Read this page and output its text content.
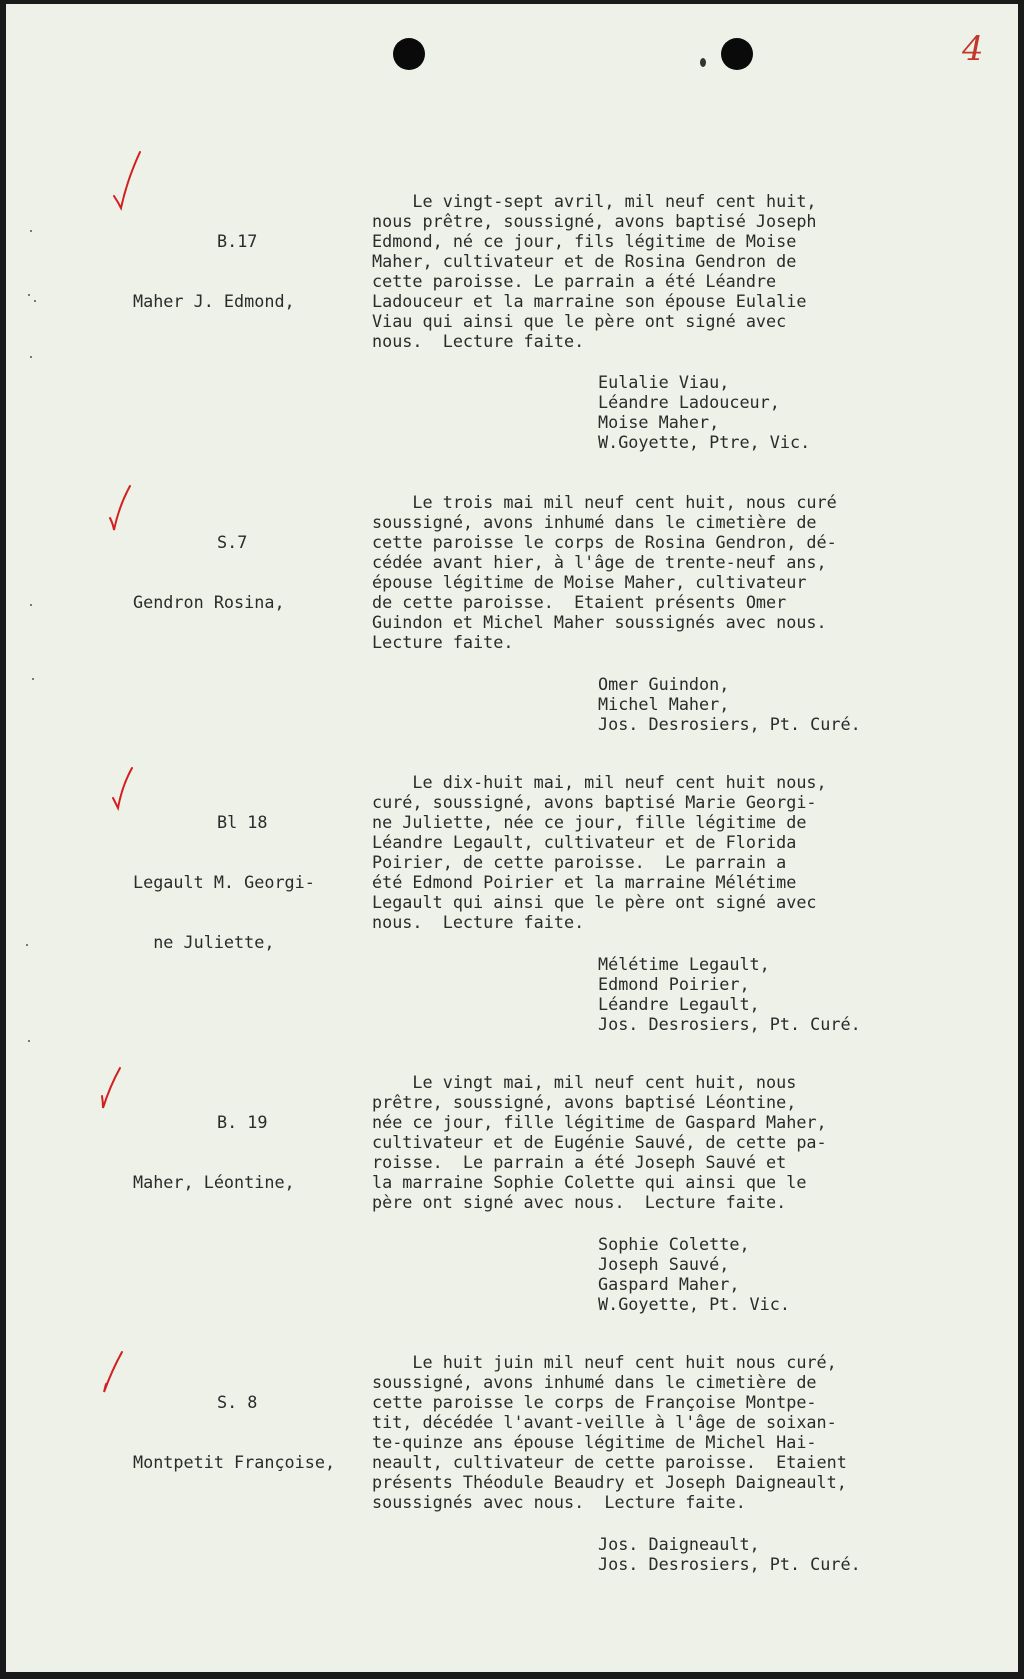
4

B.17

Maher J. Edmond,

Le vingt-sept avril, mil neuf cent huit,
nous prêtre, soussigné, avons baptisé Joseph
Edmond, né ce jour, fils légitime de Moise
Maher, cultivateur et de Rosina Gendron de
cette paroisse. Le parrain a été Léandre
Ladouceur et la marraine son épouse Eulalie
Viau qui ainsi que le père ont signé avec
nous.  Lecture faite.
Eulalie Viau,
Léandre Ladouceur,
Moise Maher,
W.Goyette, Ptre, Vic.

S.7

Gendron Rosina,

Le trois mai mil neuf cent huit, nous curé
soussigné, avons inhumé dans le cimetière de
cette paroisse le corps de Rosina Gendron, dé-
cédée avant hier, à l'âge de trente-neuf ans,
épouse légitime de Moise Maher, cultivateur
de cette paroisse.  Etaient présents Omer
Guindon et Michel Maher soussignés avec nous.
Lecture faite.
Omer Guindon,
Michel Maher,
Jos. Desrosiers, Pt. Curé.

Bl 18

Legault M. Georgi-

ne Juliette,

Le dix-huit mai, mil neuf cent huit nous,
curé, soussigné, avons baptisé Marie Georgi-
ne Juliette, née ce jour, fille légitime de
Léandre Legault, cultivateur et de Florida
Poirier, de cette paroisse.  Le parrain a
été Edmond Poirier et la marraine Mélétime
Legault qui ainsi que le père ont signé avec
nous.  Lecture faite.
Mélétime Legault,
Edmond Poirier,
Léandre Legault,
Jos. Desrosiers, Pt. Curé.

B. 19

Maher, Léontine,

Le vingt mai, mil neuf cent huit, nous
prêtre, soussigné, avons baptisé Léontine,
née ce jour, fille légitime de Gaspard Maher,
cultivateur et de Eugénie Sauvé, de cette pa-
roisse.  Le parrain a été Joseph Sauvé et
la marraine Sophie Colette qui ainsi que le
père ont signé avec nous.  Lecture faite.
Sophie Colette,
Joseph Sauvé,
Gaspard Maher,
W.Goyette, Pt. Vic.

S. 8

Montpetit Françoise,

Le huit juin mil neuf cent huit nous curé,
soussigné, avons inhumé dans le cimetière de
cette paroisse le corps de Françoise Montpe-
tit, décédée l'avant-veille à l'âge de soixan-
te-quinze ans épouse légitime de Michel Hai-
neault, cultivateur de cette paroisse.  Etaient
présents Théodule Beaudry et Joseph Daigneault,
soussignés avec nous.  Lecture faite.
Jos. Daigneault,
Jos. Desrosiers, Pt. Curé.
